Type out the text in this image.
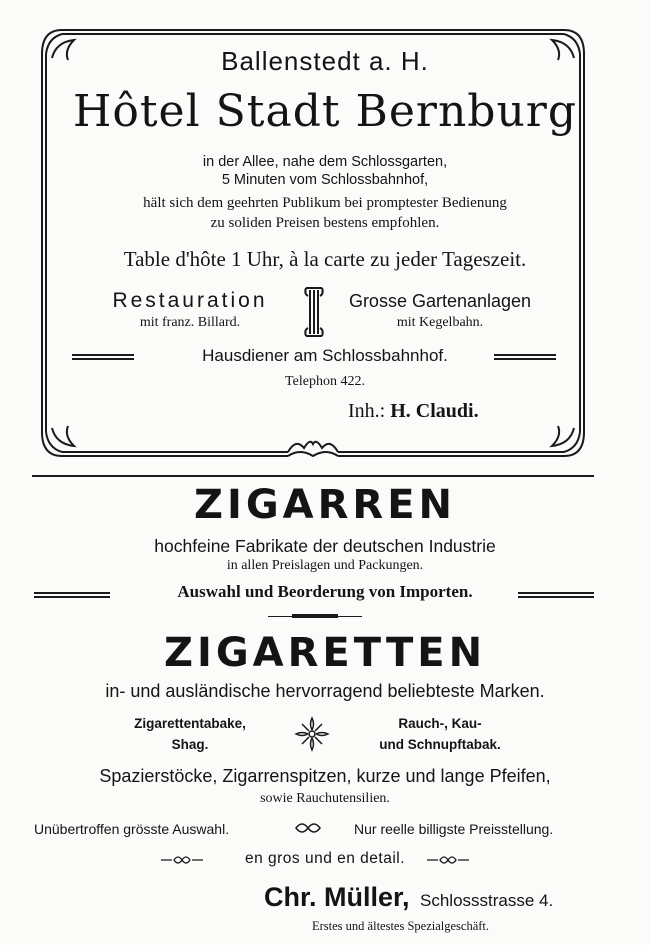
Ballenstedt a. H.
Hôtel Stadt Bernburg
in der Allee, nahe dem Schlossgarten,
5 Minuten vom Schlossbahnhof,
hält sich dem geehrten Publikum bei promptester Bedienung
zu soliden Preisen bestens empfohlen.
Table d'hôte 1 Uhr, à la carte zu jeder Tageszeit.
Restauration
mit franz. Billard.
Grosse Gartenanlagen
mit Kegelbahn.
Hausdiener am Schlossbahnhof.
Telephon 422.
Inh.: H. Claudi.
ZIGARREN
hochfeine Fabrikate der deutschen Industrie
in allen Preislagen und Packungen.
Auswahl und Beorderung von Importen.
ZIGARETTEN
in- und ausländische hervorragend beliebteste Marken.
Zigarettentabake,
Shag.
Rauch-, Kau-
und Schnupftabak.
Spazierstöcke, Zigarrenspitzen, kurze und lange Pfeifen,
sowie Rauchutensilien.
Unübertroffen grösste Auswahl.	Nur reelle billigste Preisstellung.
en gros und en detail.
Chr. Müller, Schlossstrasse 4.
Erstes und ältestes Spezialgeschäft.
